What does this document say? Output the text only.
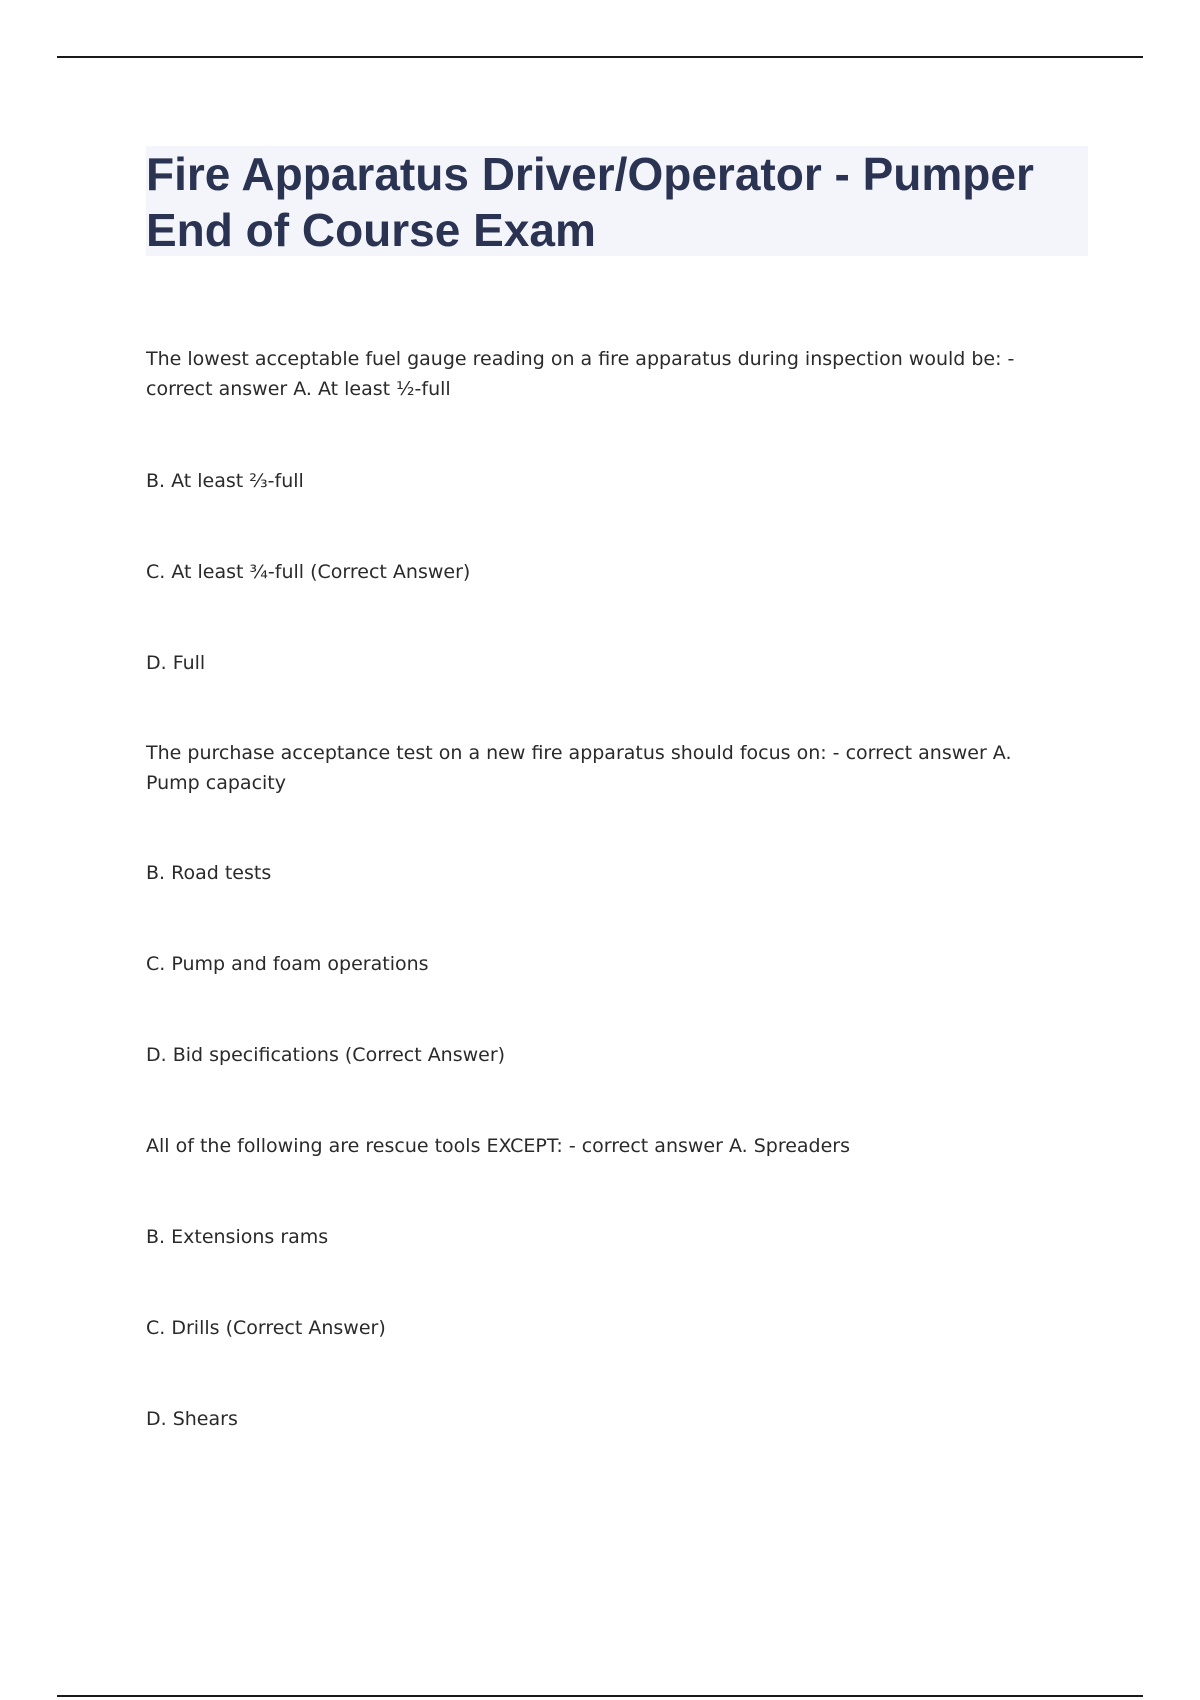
Fire Apparatus Driver/Operator - Pumper
End of Course Exam

The lowest acceptable fuel gauge reading on a fire apparatus during inspection would be: - correct answer A. At least ½-full

B. At least ⅔-full

C. At least ¾-full (Correct Answer)

D. Full

The purchase acceptance test on a new fire apparatus should focus on: - correct answer A. Pump capacity

B. Road tests

C. Pump and foam operations

D. Bid specifications (Correct Answer)

All of the following are rescue tools EXCEPT: - correct answer A. Spreaders

B. Extensions rams

C. Drills (Correct Answer)

D. Shears
